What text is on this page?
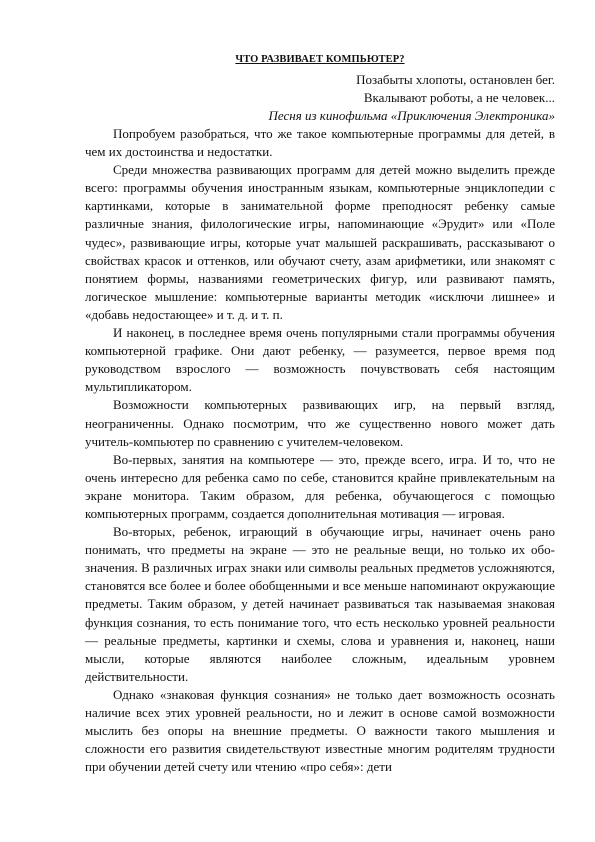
ЧТО РАЗВИВАЕТ КОМПЬЮТЕР?
Позабыты хлопоты, остановлен бег.
Вкалывают роботы, а не человек...
Песня из кинофильма «Приключения Электроника»

Попробуем разобраться, что же такое компьютерные программы для детей, в чем их достоинства и недостатки.

Среди множества развивающих программ для детей можно выделить прежде всего: программы обучения иностранным языкам, компьютерные энциклопедии с картинками, которые в занимательной форме преподносят ребенку самые различные знания, филологические игры, напоминающие «Эрудит» или «Поле чудес», развивающие игры, которые учат малышей раскрашивать, рассказывают о свойствах красок и оттенков, или обучают счету, азам арифметики, или знакомят с понятием формы, названиями геометрических фигур, или развивают память, логическое мышление: компьютерные варианты методик «исключи лишнее» и «добавь недостающее» и т. д. и т. п.

И наконец, в последнее время очень популярными стали программы обучения компьютерной графике. Они дают ребенку, — разумеется, первое время под руководством взрослого — возможность почувствовать себя настоящим мультипликатором.

Возможности компьютерных развивающих игр, на первый взгляд, неограниченны. Однако посмотрим, что же существенно нового может дать учитель-компьютер по сравнению с учителем-человеком.

Во-первых, занятия на компьютере — это, прежде всего, игра. И то, что не очень интересно для ребенка само по себе, становится крайне привлекательным на экране монитора. Таким образом, для ребенка, обучающегося с помощью компьютерных программ, создается дополнительная мотивация — игровая.

Во-вторых, ребенок, играющий в обучающие игры, начинает очень рано понимать, что предметы на экране — это не реальные вещи, но только их обозначения. В различных играх знаки или символы реальных предметов усложняются, становятся все более и более обобщенными и все меньше напоминают окружающие предметы. Таким образом, у детей начинает развиваться так называемая знаковая функция сознания, то есть понимание того, что есть несколько уровней реальности — реальные предметы, картинки и схемы, слова и уравнения и, наконец, наши мысли, которые являются наиболее сложным, идеальным уровнем действительности.

Однако «знаковая функция сознания» не только дает возможность осознать наличие всех этих уровней реальности, но и лежит в основе самой возможности мыслить без опоры на внешние предметы. О важности такого мышления и сложности его развития свидетельствуют известные многим родителям трудности при обучении детей счету или чтению «про себя»: дети
